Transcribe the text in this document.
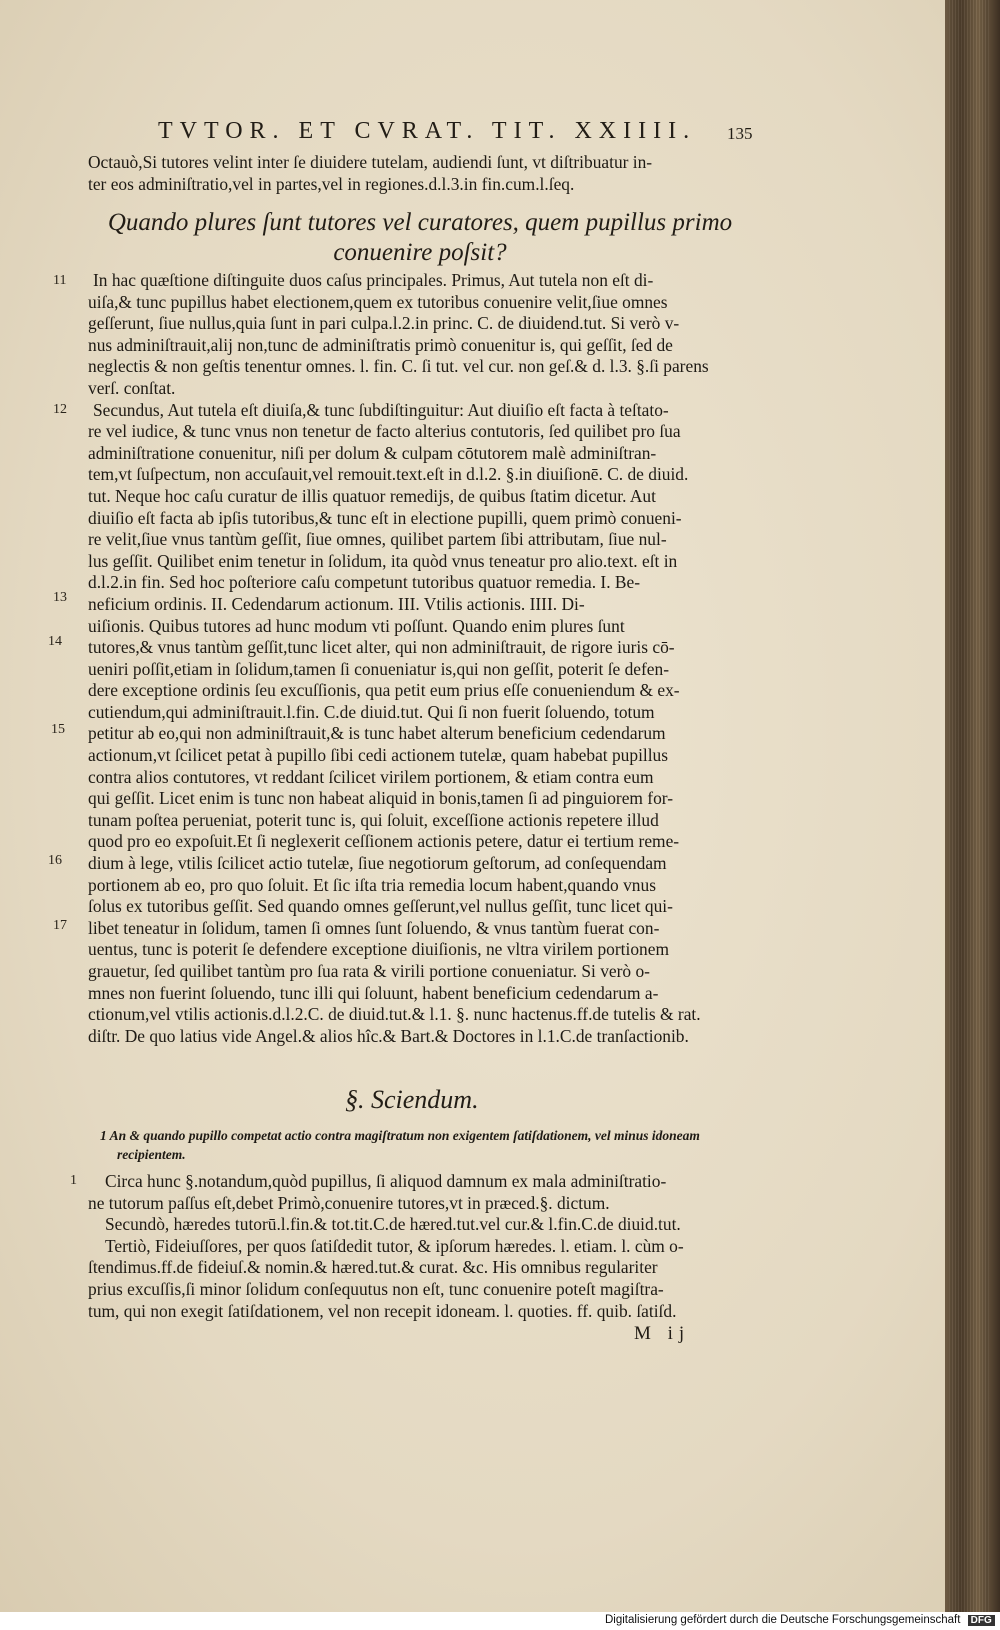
TVTOR. ET CVRAT. TIT. XXIIII. 135
Octauò,Si tutores velint inter ſe diuidere tutelam, audiendi ſunt, vt diſtribuatur in-
ter eos adminiſtratio,vel in partes,vel in regiones.d.l.3.in fin.cum.l.ſeq.
Quando plures ſunt tutores vel curatores, quem pupillus primo
conuenire poſsit?
11
12
13
14
15
16
17
1
In hac quæſtione diſtinguite duos caſus principales. Primus, Aut tutela non eſt di-
uiſa,& tunc pupillus habet electionem,quem ex tutoribus conuenire velit,ſiue omnes
geſſerunt, ſiue nullus,quia ſunt in pari culpa.l.2.in princ. C. de diuidend.tut. Si verò v-
nus adminiſtrauit,alij non,tunc de adminiſtratis primò conuenitur is, qui geſſit, ſed de
neglectis & non geſtis tenentur omnes. l. fin. C. ſi tut. vel cur. non geſ.& d. l.3. §.ſi parens
verſ. conſtat.
Secundus, Aut tutela eſt diuiſa,& tunc ſubdiſtinguitur: Aut diuiſio eſt facta à teſtato-
re vel iudice, & tunc vnus non tenetur de facto alterius contutoris, ſed quilibet pro ſua
adminiſtratione conuenitur, niſi per dolum & culpam cōtutorem malè adminiſtran-
tem,vt ſuſpectum, non accuſauit,vel remouit.text.eſt in d.l.2. §.in diuiſionē. C. de diuid.
tut. Neque hoc caſu curatur de illis quatuor remedijs, de quibus ſtatim dicetur. Aut
diuiſio eſt facta ab ipſis tutoribus,& tunc eſt in electione pupilli, quem primò conueni-
re velit,ſiue vnus tantùm geſſit, ſiue omnes, quilibet partem ſibi attributam, ſiue nul-
lus geſſit. Quilibet enim tenetur in ſolidum, ita quòd vnus teneatur pro alio.text. eſt in
d.l.2.in fin. Sed hoc poſteriore caſu competunt tutoribus quatuor remedia. I. Be-
neficium ordinis. II. Cedendarum actionum. III. Vtilis actionis. IIII. Di-
uiſionis. Quibus tutores ad hunc modum vti poſſunt. Quando enim plures ſunt
tutores,& vnus tantùm geſſit,tunc licet alter, qui non adminiſtrauit, de rigore iuris cō-
ueniri poſſit,etiam in ſolidum,tamen ſi conueniatur is,qui non geſſit, poterit ſe defen-
dere exceptione ordinis ſeu excuſſionis, qua petit eum prius eſſe conueniendum & ex-
cutiendum,qui adminiſtrauit.l.fin. C.de diuid.tut. Qui ſi non fuerit ſoluendo, totum
petitur ab eo,qui non adminiſtrauit,& is tunc habet alterum beneficium cedendarum
actionum,vt ſcilicet petat à pupillo ſibi cedi actionem tutelæ, quam habebat pupillus
contra alios contutores, vt reddant ſcilicet virilem portionem, & etiam contra eum
qui geſſit. Licet enim is tunc non habeat aliquid in bonis,tamen ſi ad pinguiorem for-
tunam poſtea perueniat, poterit tunc is, qui ſoluit, exceſſione actionis repetere illud
quod pro eo expoſuit.Et ſi neglexerit ceſſionem actionis petere, datur ei tertium reme-
dium à lege, vtilis ſcilicet actio tutelæ, ſiue negotiorum geſtorum, ad conſequendam
portionem ab eo, pro quo ſoluit. Et ſic iſta tria remedia locum habent,quando vnus
ſolus ex tutoribus geſſit. Sed quando omnes geſſerunt,vel nullus geſſit, tunc licet qui-
libet teneatur in ſolidum, tamen ſi omnes ſunt ſoluendo, & vnus tantùm fuerat con-
uentus, tunc is poterit ſe defendere exceptione diuiſionis, ne vltra virilem portionem
grauetur, ſed quilibet tantùm pro ſua rata & virili portione conueniatur. Si verò o-
mnes non fuerint ſoluendo, tunc illi qui ſoluunt, habent beneficium cedendarum a-
ctionum,vel vtilis actionis.d.l.2.C. de diuid.tut.& l.1. §. nunc hactenus.ff.de tutelis & rat.
diſtr. De quo latius vide Angel.& alios hîc.& Bart.& Doctores in l.1.C.de tranſactionib.
§. Sciendum.
1 An & quando pupillo competat actio contra magiſtratum non exigentem ſatiſdationem, vel minus idoneam
recipientem.
Circa hunc §.notandum,quòd pupillus, ſi aliquod damnum ex mala adminiſtratio-
ne tutorum paſſus eſt,debet Primò,conuenire tutores,vt in præced.§. dictum.
Secundò, hæredes tutorū.l.fin.& tot.tit.C.de hæred.tut.vel cur.& l.fin.C.de diuid.tut.
Tertiò, Fideiuſſores, per quos ſatiſdedit tutor, & ipſorum hæredes. l. etiam. l. cùm o-
ſtendimus.ff.de fideiuſ.& nomin.& hæred.tut.& curat. &c. His omnibus regulariter
prius excuſſis,ſi minor ſolidum conſequutus non eſt, tunc conuenire poteſt magiſtra-
tum, qui non exegit ſatiſdationem, vel non recepit idoneam. l. quoties. ff. quib. ſatiſd.
M ij
Digitalisierung gefördert durch die Deutsche Forschungsgemeinschaft DFG
